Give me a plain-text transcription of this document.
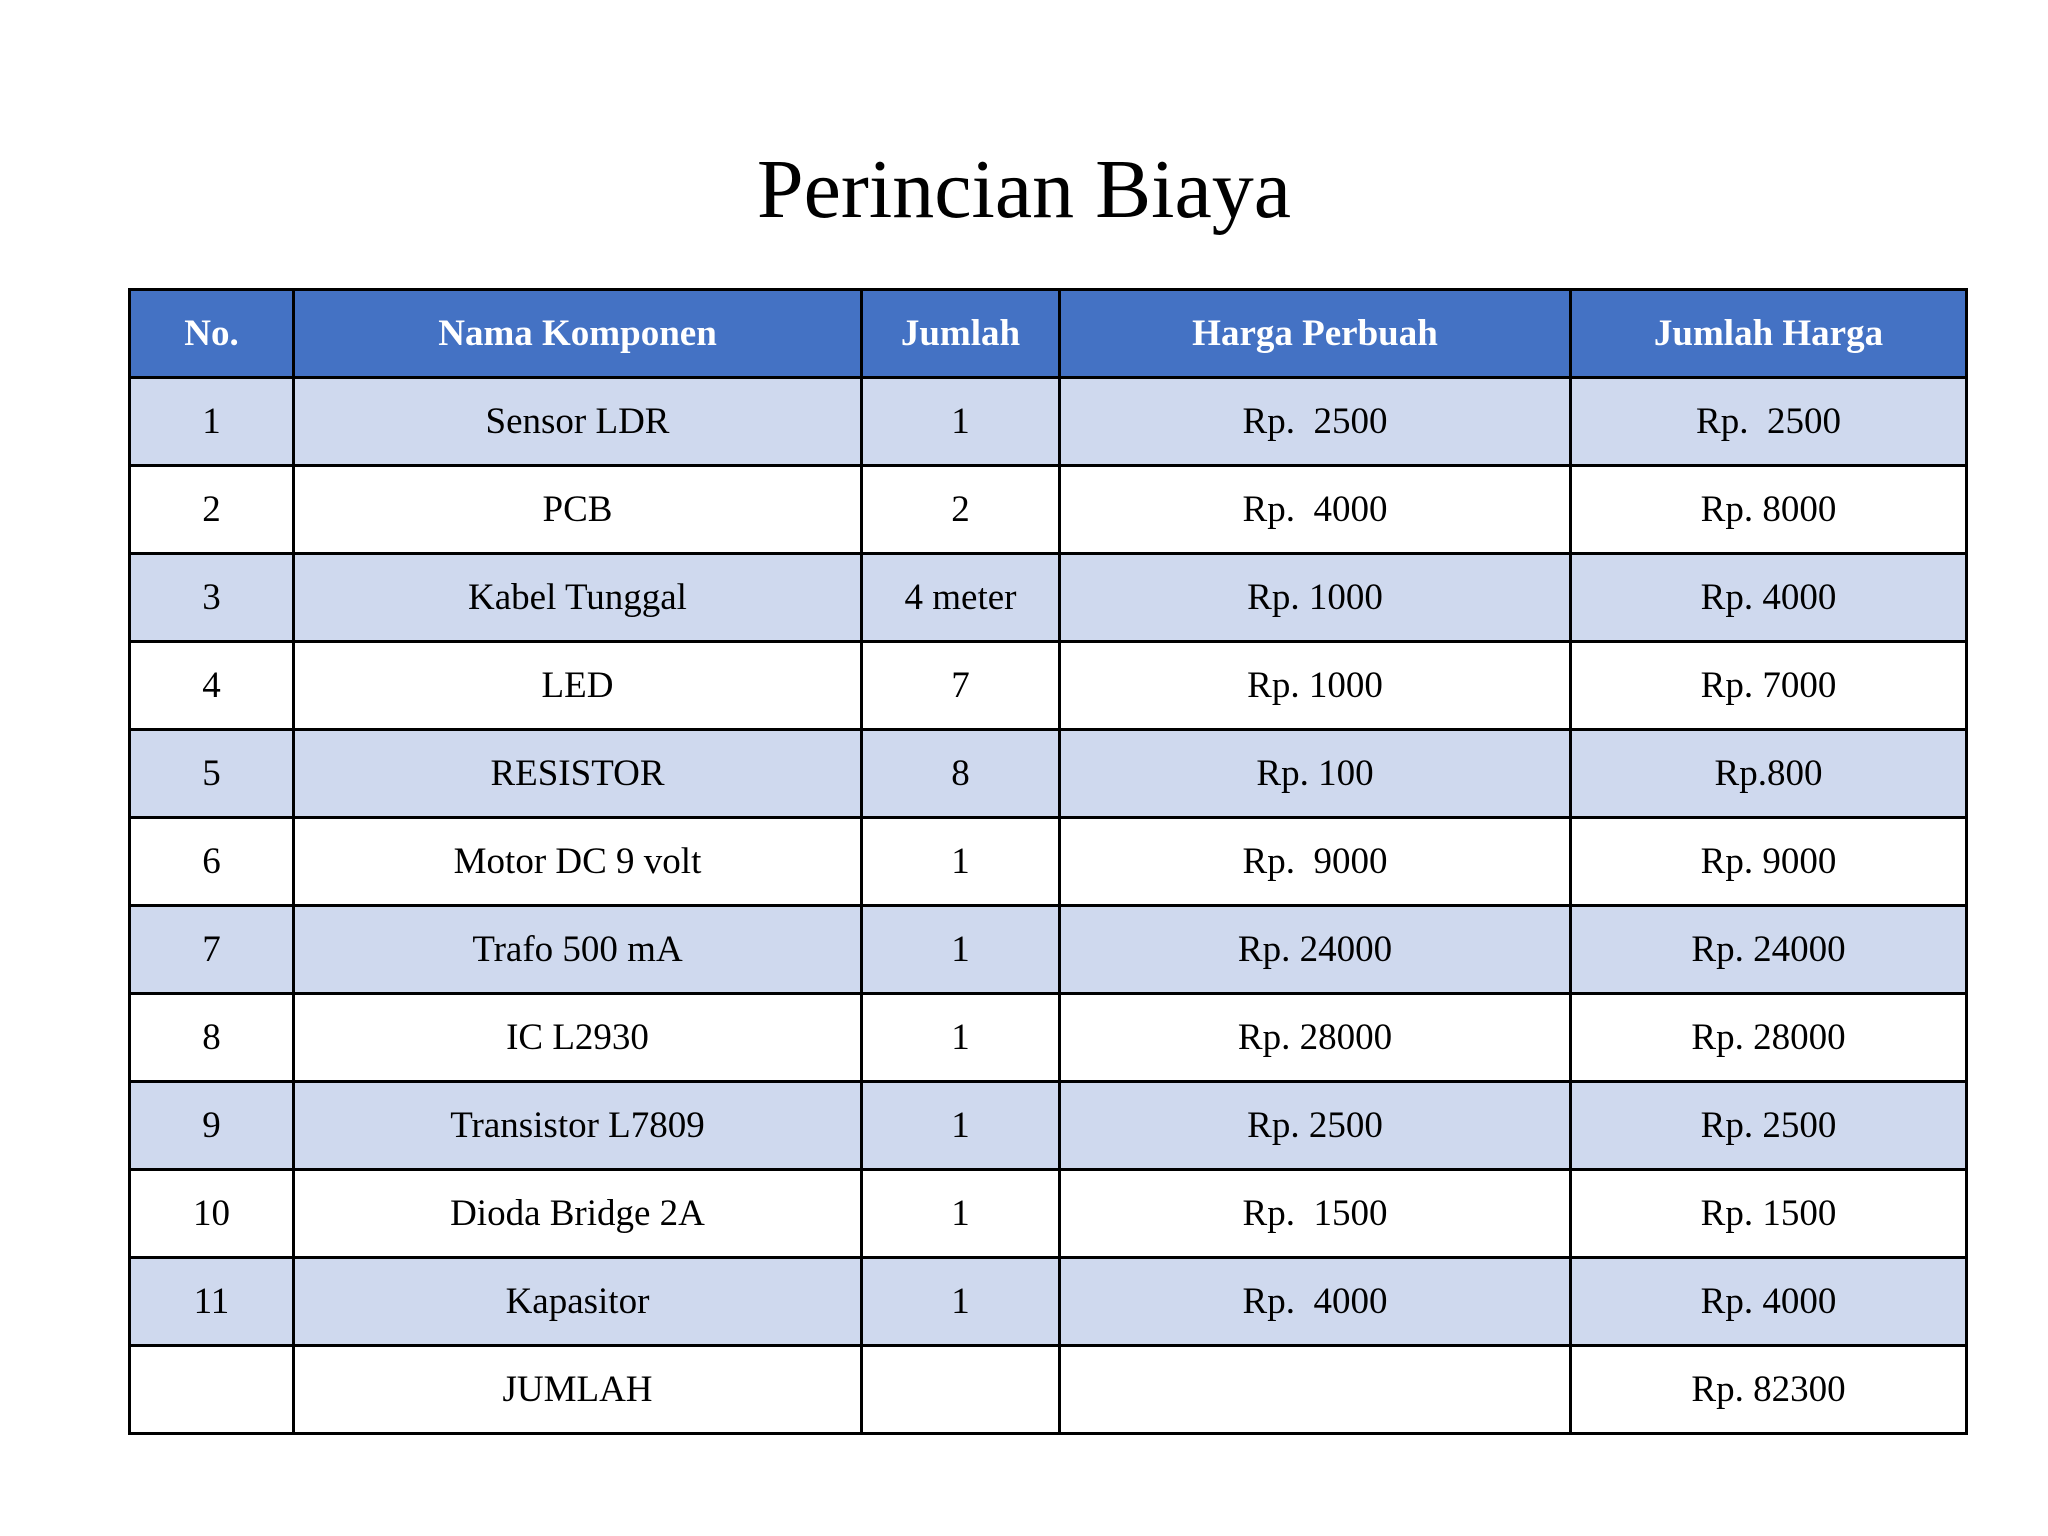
Perincian Biaya
No.	Nama Komponen	Jumlah	Harga Perbuah	Jumlah Harga
1	Sensor LDR	1	Rp.  2500	Rp.  2500
2	PCB	2	Rp.  4000	Rp. 8000
3	Kabel Tunggal	4 meter	Rp. 1000	Rp. 4000
4	LED	7	Rp. 1000	Rp. 7000
5	RESISTOR	8	Rp. 100	Rp.800
6	Motor DC 9 volt	1	Rp.  9000	Rp. 9000
7	Trafo 500 mA	1	Rp. 24000	Rp. 24000
8	IC L2930	1	Rp. 28000	Rp. 28000
9	Transistor L7809	1	Rp. 2500	Rp. 2500
10	Dioda Bridge 2A	1	Rp.  1500	Rp. 1500
11	Kapasitor	1	Rp.  4000	Rp. 4000
	JUMLAH			Rp. 82300
